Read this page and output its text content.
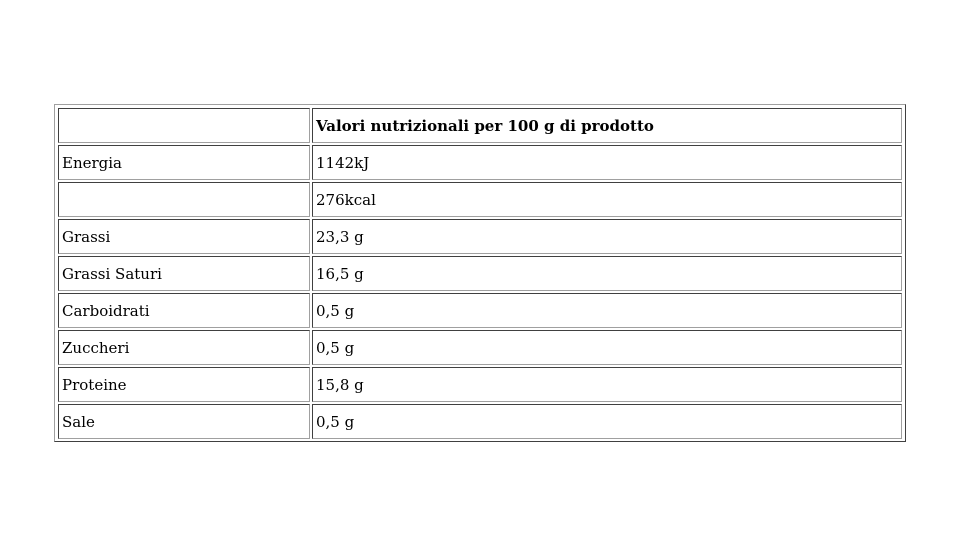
	Valori nutrizionali per 100 g di prodotto
Energia	1142kJ
	276kcal
Grassi	23,3 g
Grassi Saturi	16,5 g
Carboidrati	0,5 g
Zuccheri	0,5 g
Proteine	15,8 g
Sale	0,5 g
